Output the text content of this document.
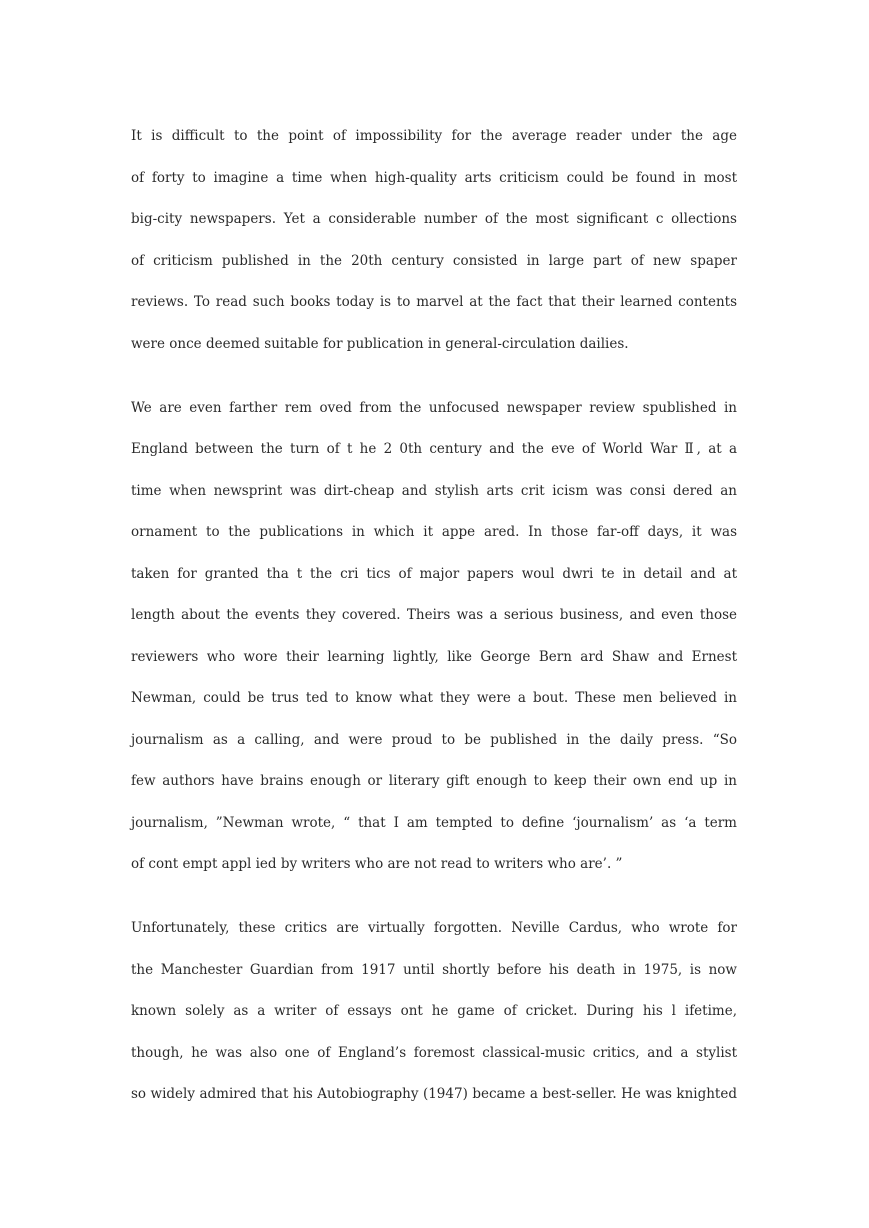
It is difficult to the point of impossibility for the average reader under the age
of forty to imagine a time when high-quality arts criticism could be found in most
big-city newspapers. Yet a considerable number of the most significant c ollections
of criticism published in the 20th century consisted in large part of new spaper
reviews. To read such books today is to marvel at the fact that their learned contents
were once deemed suitable for publication in general-circulation dailies.
We are even farther rem oved from the unfocused newspaper review spublished in
England between the turn of t he 2 0th century and the eve of World War Ⅱ, at a
time when newsprint was dirt-cheap and stylish arts crit icism was consi dered an
ornament to the publications in which it appe ared. In those far-off days, it was
taken for granted tha t the cri tics of major papers woul dwri te in detail and at
length about the events they covered. Theirs was a serious business, and even those
reviewers who wore their learning lightly, like George Bern ard Shaw and Ernest
Newman, could be trus ted to know what they were a bout. These men believed in
journalism as a calling, and were proud to be published in the daily press. “So
few authors have brains enough or literary gift enough to keep their own end up in
journalism, ”Newman wrote, “ that I am tempted to define ‘journalism’ as ‘a term
of cont empt appl ied by writers who are not read to writers who are’. ”
Unfortunately, these critics are virtually forgotten. Neville Cardus, who wrote for
the Manchester Guardian from 1917 until shortly before his death in 1975, is now
known solely as a writer of essays ont he game of cricket. During his l ifetime,
though, he was also one of England’s foremost classical-music critics, and a stylist
so widely admired that his Autobiography (1947) became a best-seller. He was knighted
